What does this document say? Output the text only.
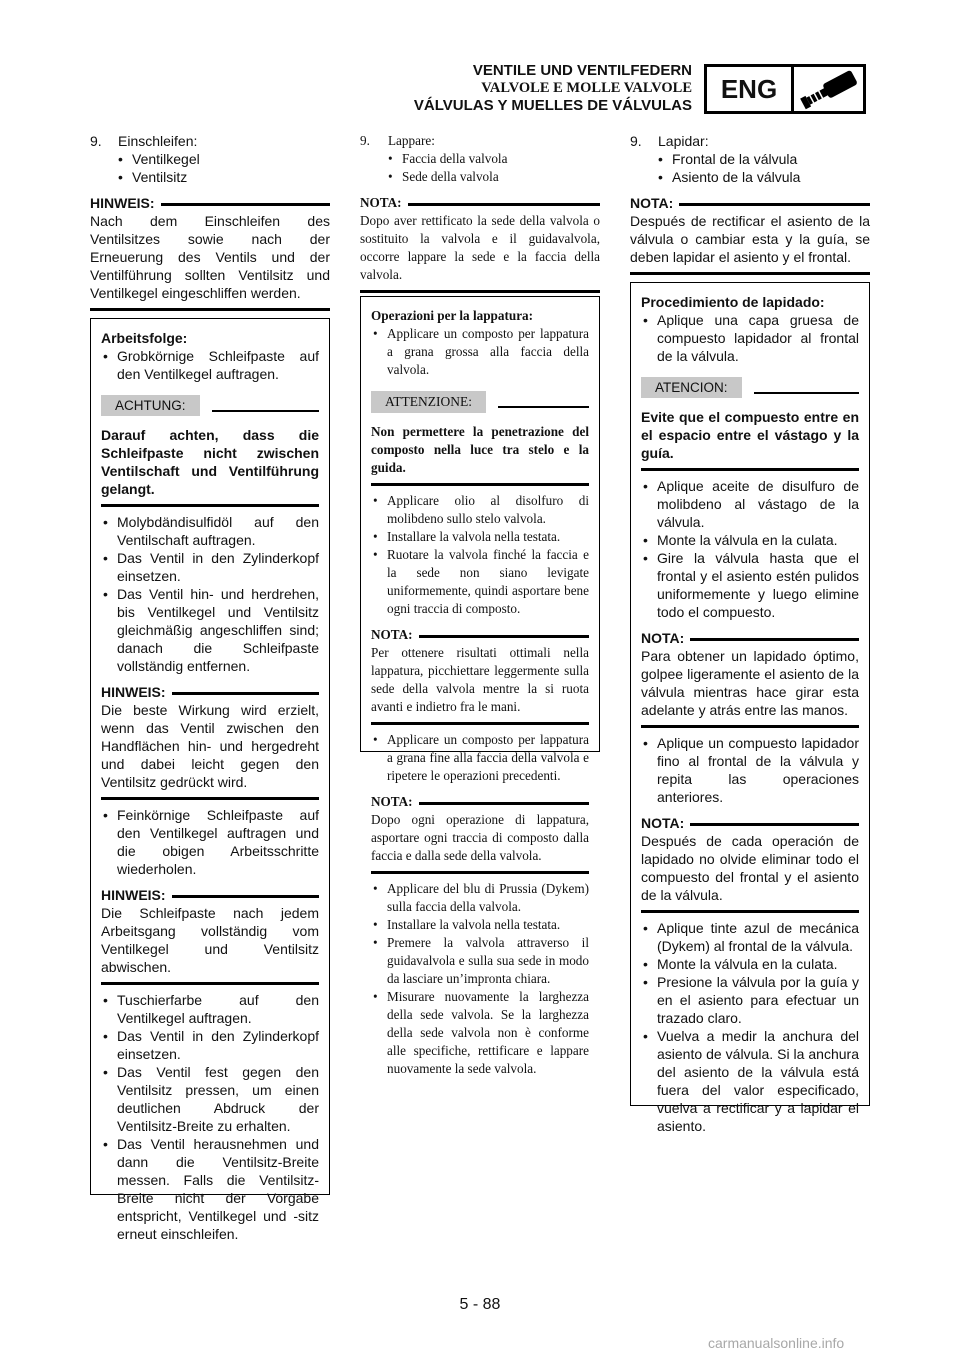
VENTILE UND VENTILFEDERN
VALVOLE E MOLLE VALVOLE
VÁLVULAS Y MUELLES DE VÁLVULAS
ENG
9.	Einschleifen:
• Ventilkegel
• Ventilsitz
HINWEIS:
Nach dem Einschleifen des Ventilsitzes sowie nach der Erneuerung des Ventils und der Ventilführung sollten Ventilsitz und Ventilkegel eingeschliffen werden.
Arbeitsfolge:
• Grobkörnige Schleifpaste auf den Ventilkegel auftragen.
ACHTUNG:
Darauf achten, dass die Schleifpaste nicht zwischen Ventilschaft und Ventilführung gelangt.
• Molybdändisulfidöl auf den Ventilschaft auftragen.
• Das Ventil in den Zylinderkopf einsetzen.
• Das Ventil hin- und herdrehen, bis Ventilkegel und Ventilsitz gleichmäßig angeschliffen sind; danach die Schleifpaste vollständig entfernen.
HINWEIS:
Die beste Wirkung wird erzielt, wenn das Ventil zwischen den Handflächen hin- und hergedreht und dabei leicht gegen den Ventilsitz gedrückt wird.
• Feinkörnige Schleifpaste auf den Ventilkegel auftragen und die obigen Arbeitsschritte wiederholen.
HINWEIS:
Die Schleifpaste nach jedem Arbeitsgang vollständig vom Ventilkegel und Ventilsitz abwischen.
• Tuschierfarbe auf den Ventilkegel auftragen.
• Das Ventil in den Zylinderkopf einsetzen.
• Das Ventil fest gegen den Ventilsitz pressen, um einen deutlichen Abdruck der Ventilsitz-Breite zu erhalten.
• Das Ventil herausnehmen und dann die Ventilsitz-Breite messen. Falls die Ventilsitz-Breite nicht der Vorgabe entspricht, Ventilkegel und -sitz erneut einschleifen.
9.	Lappare:
• Faccia della valvola
• Sede della valvola
NOTA:
Dopo aver rettificato la sede della valvola o sostituito la valvola e il guidavalvola, occorre lappare la sede e la faccia della valvola.
Operazioni per la lappatura:
• Applicare un composto per lappatura a grana grossa alla faccia della valvola.
ATTENZIONE:
Non permettere la penetrazione del composto nella luce tra stelo e la guida.
• Applicare olio al disolfuro di molibdeno sullo stelo valvola.
• Installare la valvola nella testata.
• Ruotare la valvola finché la faccia e la sede non siano levigate uniformemente, quindi asportare bene ogni traccia di composto.
NOTA:
Per ottenere risultati ottimali nella lappatura, picchiettare leggermente sulla sede della valvola mentre la si ruota avanti e indietro fra le mani.
• Applicare un composto per lappatura a grana fine alla faccia della valvola e ripetere le operazioni precedenti.
NOTA:
Dopo ogni operazione di lappatura, asportare ogni traccia di composto dalla faccia e dalla sede della valvola.
• Applicare del blu di Prussia (Dykem) sulla faccia della valvola.
• Installare la valvola nella testata.
• Premere la valvola attraverso il guidavalvola e sulla sua sede in modo da lasciare un’impronta chiara.
• Misurare nuovamente la larghezza della sede valvola. Se la larghezza della sede valvola non è conforme alle specifiche, rettificare e lappare nuovamente la sede valvola.
9.	Lapidar:
• Frontal de la válvula
• Asiento de la válvula
NOTA:
Después de rectificar el asiento de la válvula o cambiar esta y la guía, se deben lapidar el asiento y el frontal.
Procedimiento de lapidado:
• Aplique una capa gruesa de compuesto lapidador al frontal de la válvula.
ATENCION:
Evite que el compuesto entre en el espacio entre el vástago y la guía.
• Aplique aceite de disulfuro de molibdeno al vástago de la válvula.
• Monte la válvula en la culata.
• Gire la válvula hasta que el frontal y el asiento estén pulidos uniformemente y luego elimine todo el compuesto.
NOTA:
Para obtener un lapidado óptimo, golpee ligeramente el asiento de la válvula mientras hace girar esta adelante y atrás entre las manos.
• Aplique un compuesto lapidador fino al frontal de la válvula y repita las operaciones anteriores.
NOTA:
Después de cada operación de lapidado no olvide eliminar todo el compuesto del frontal y el asiento de la válvula.
• Aplique tinte azul de mecánica (Dykem) al frontal de la válvula.
• Monte la válvula en la culata.
• Presione la válvula por la guía y en el asiento para efectuar un trazado claro.
• Vuelva a medir la anchura del asiento de válvula. Si la anchura del asiento de la válvula está fuera del valor especificado, vuelva a rectificar y a lapidar el asiento.
5 - 88
carmanualsonline.info
